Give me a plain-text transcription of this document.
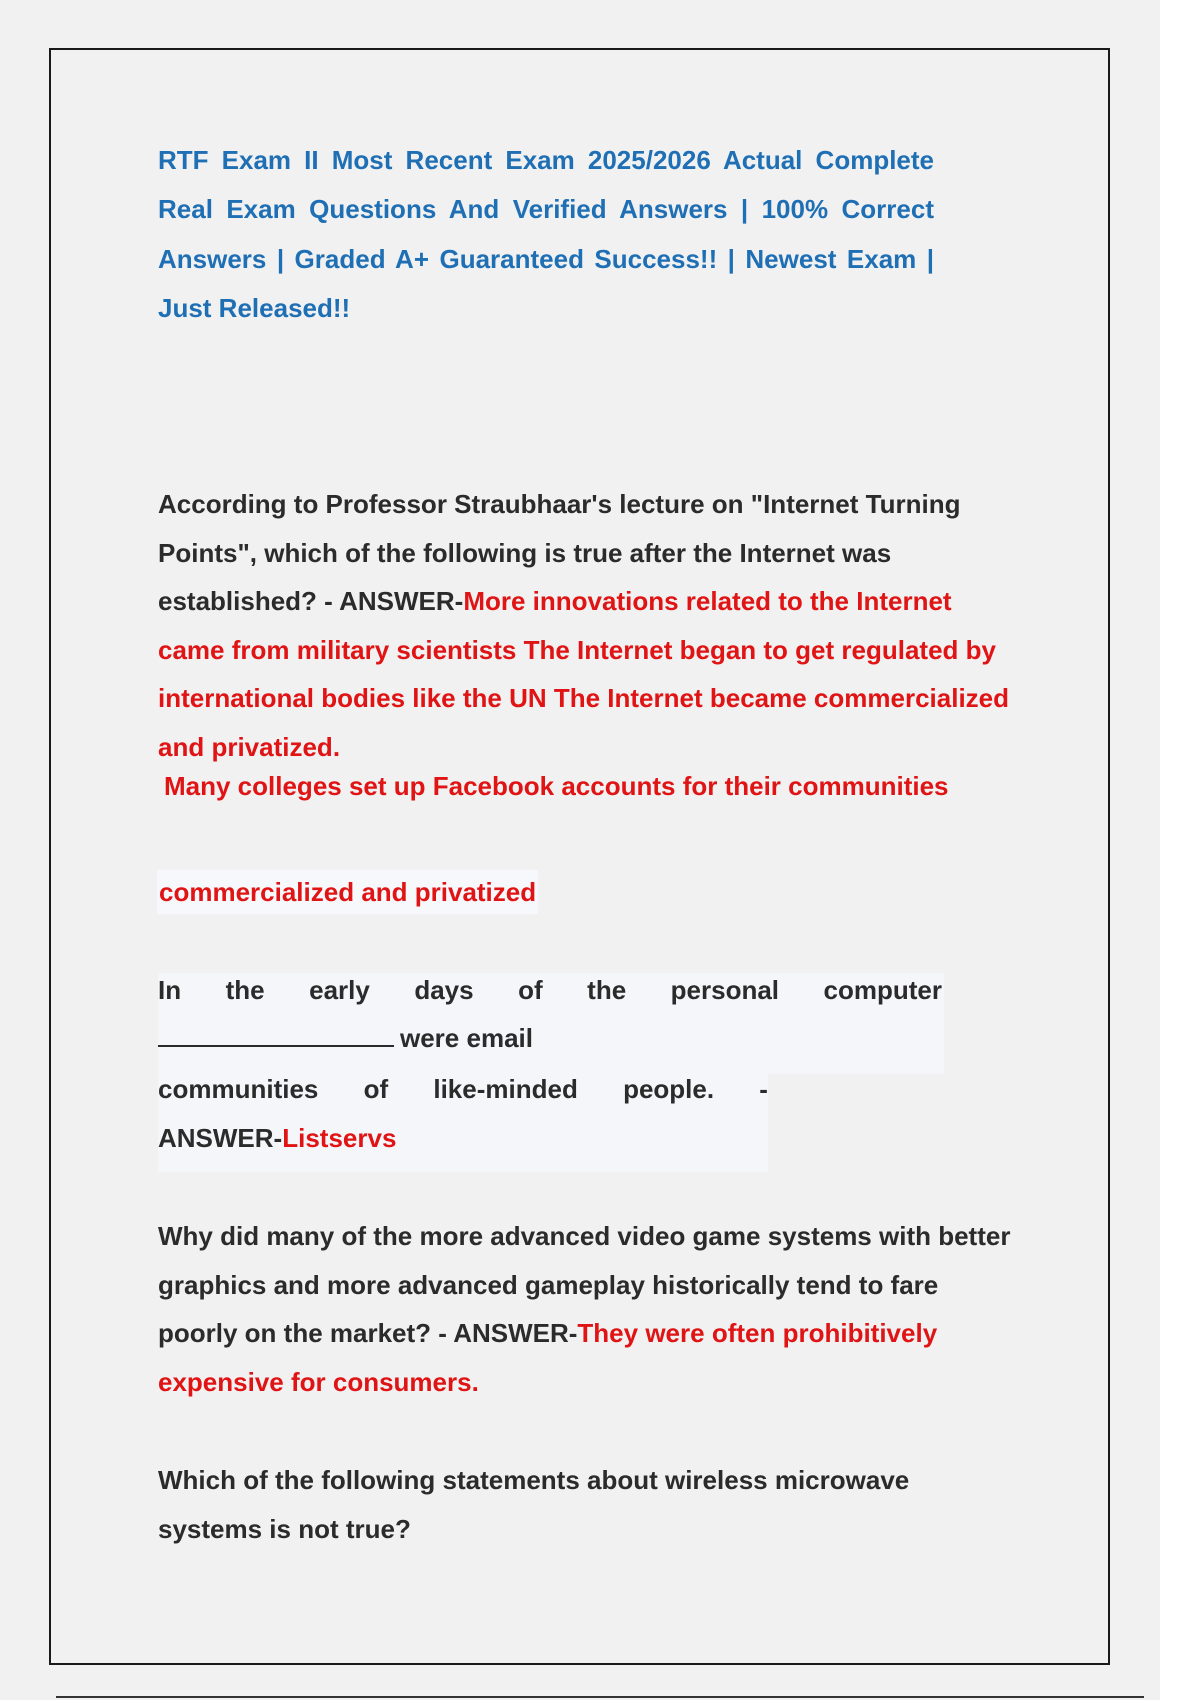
RTF Exam II Most Recent Exam 2025/2026 Actual Complete Real Exam Questions And Verified Answers | 100% Correct Answers | Graded A+ Guaranteed Success!! | Newest Exam | Just Released!!
According to Professor Straubhaar's lecture on "Internet Turning Points", which of the following is true after the Internet was established? - ANSWER-More innovations related to the Internet came from military scientists The Internet began to get regulated by international bodies like the UN The Internet became commercialized and privatized.
Many colleges set up Facebook accounts for their communities
commercialized and privatized
In the early days of the personal computer
were email
communities of like-minded people. -
ANSWER-Listservs
Why did many of the more advanced video game systems with better graphics and more advanced gameplay historically tend to fare poorly on the market? - ANSWER-They were often prohibitively expensive for consumers.
Which of the following statements about wireless microwave systems is not true?
